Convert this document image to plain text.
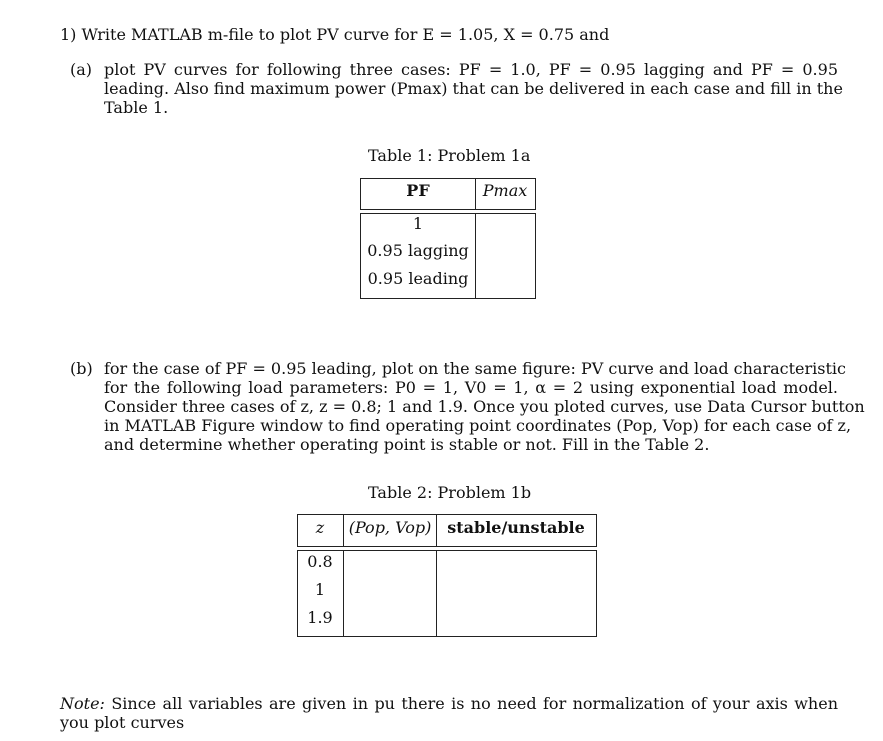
1) Write MATLAB m-file to plot PV curve for E = 1.05, X = 0.75 and
(a) plot PV curves for following three cases: PF = 1.0, PF = 0.95 lagging and PF = 0.95
leading. Also find maximum power (Pmax) that can be delivered in each case and fill in the
Table 1.
Table 1: Problem 1a
PF	Pmax
1
0.95 lagging
0.95 leading
(b) for the case of PF = 0.95 leading, plot on the same figure: PV curve and load characteristic
for the following load parameters: P0 = 1, V0 = 1, α = 2 using exponential load model.
Consider three cases of z, z = 0.8; 1 and 1.9. Once you ploted curves, use Data Cursor button
in MATLAB Figure window to find operating point coordinates (Pop, Vop) for each case of z,
and determine whether operating point is stable or not. Fill in the Table 2.
Table 2: Problem 1b
z (Pop, Vop) stable/unstable
0.8
1
1.9
Note: Since all variables are given in pu there is no need for normalization of your axis when you plot curves
